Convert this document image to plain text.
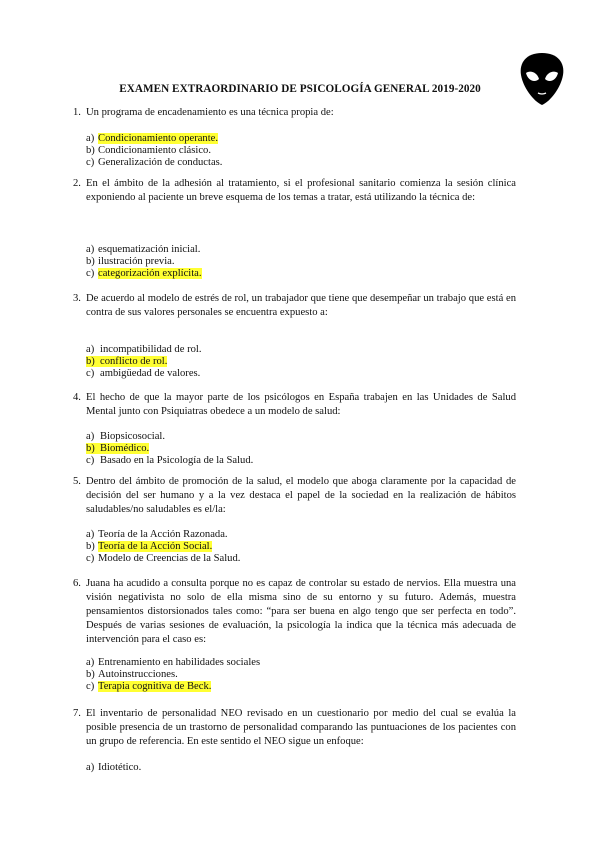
EXAMEN EXTRAORDINARIO DE PSICOLOGÍA GENERAL 2019-2020
1. Un programa de encadenamiento es una técnica propia de:
a) Condicionamiento operante.
b) Condicionamiento clásico.
c) Generalización de conductas.
2. En el ámbito de la adhesión al tratamiento, si el profesional sanitario comienza la sesión clínica exponiendo al paciente un breve esquema de los temas a tratar, está utilizando la técnica de:
a) esquematización inicial.
b) ilustración previa.
c) categorización explícita.
3. De acuerdo al modelo de estrés de rol, un trabajador que tiene que desempeñar un trabajo que está en contra de sus valores personales se encuentra expuesto a:
a) incompatibilidad de rol.
b) conflicto de rol.
c) ambigüedad de valores.
4. El hecho de que la mayor parte de los psicólogos en España trabajen en las Unidades de Salud Mental junto con Psiquiatras obedece a un modelo de salud:
a) Biopsicosocial.
b) Biomédico.
c) Basado en la Psicología de la Salud.
5. Dentro del ámbito de promoción de la salud, el modelo que aboga claramente por la capacidad de decisión del ser humano y a la vez destaca el papel de la sociedad en la realización de hábitos saludables/no saludables es el/la:
a) Teoría de la Acción Razonada.
b) Teoría de la Acción Social.
c) Modelo de Creencias de la Salud.
6. Juana ha acudido a consulta porque no es capaz de controlar su estado de nervios. Ella muestra una visión negativista no solo de ella misma sino de su entorno y su futuro. Además, muestra pensamientos distorsionados tales como: “para ser buena en algo tengo que ser perfecta en todo”. Después de varias sesiones de evaluación, la psicología la indica que la técnica más adecuada de intervención para el caso es:
a) Entrenamiento en habilidades sociales
b) Autoinstrucciones.
c) Terapia cognitiva de Beck.
7. El inventario de personalidad NEO revisado en un cuestionario por medio del cual se evalúa la posible presencia de un trastorno de personalidad comparando las puntuaciones de los pacientes con un grupo de referencia. En este sentido el NEO sigue un enfoque:
a) Idiotético.
